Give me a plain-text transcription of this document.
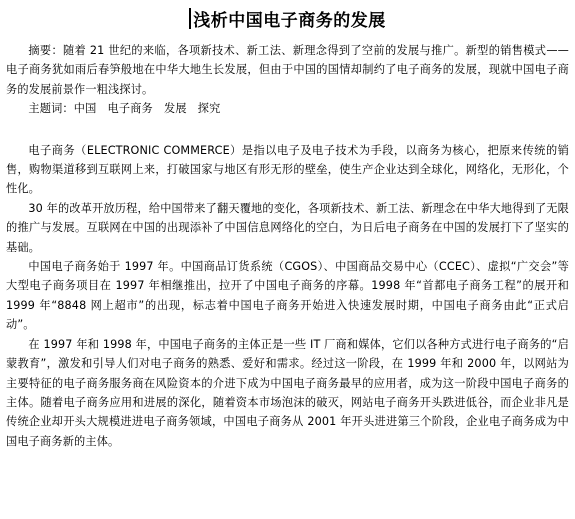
浅析中国电子商务的发展

摘要：随着 21 世纪的来临，各项新技术、新工法、新理念得到了空前的发展与推广。新型的销售模式——电子商务犹如雨后春笋般地在中华大地生长发展，但由于中国的国情却制约了电子商务的发展，现就中国电子商务的发展前景作一粗浅探讨。

主题词：中国   电子商务   发展   探究

电子商务（ELECTRONIC COMMERCE）是指以电子及电子技术为手段，以商务为核心，把原来传统的销售，购物渠道移到互联网上来，打破国家与地区有形无形的壁垒，使生产企业达到全球化，网络化，无形化，个性化。

30 年的改革开放历程，给中国带来了翻天覆地的变化，各项新技术、新工法、新理念在中华大地得到了无限的推广与发展。互联网在中国的出现添补了中国信息网络化的空白，为日后电子商务在中国的发展打下了坚实的基础。

中国电子商务始于 1997 年。中国商品订货系统（CGOS）、中国商品交易中心（CCEC）、虚拟“广交会”等大型电子商务项目在 1997 年相继推出，拉开了中国电子商务的序幕。1998 年“首都电子商务工程”的展开和 1999 年“8848 网上超市”的出现，标志着中国电子商务开始进入快速发展时期，中国电子商务由此“正式启动”。

在 1997 年和 1998 年，中国电子商务的主体正是一些 IT 厂商和媒体，它们以各种方式进行电子商务的“启蒙教育”，激发和引导人们对电子商务的熟悉、爱好和需求。经过这一阶段，在 1999 年和 2000 年，以网站为主要特征的电子商务服务商在风险资本的介进下成为中国电子商务最早的应用者，成为这一阶段中国电子商务的主体。随着电子商务应用和进展的深化，随着资本市场泡沫的破灭，网站电子商务开头跌进低谷，而企业非凡是传统企业却开头大规模进进电子商务领域，中国电子商务从 2001 年开头进进第三个阶段，企业电子商务成为中国电子商务新的主体。
